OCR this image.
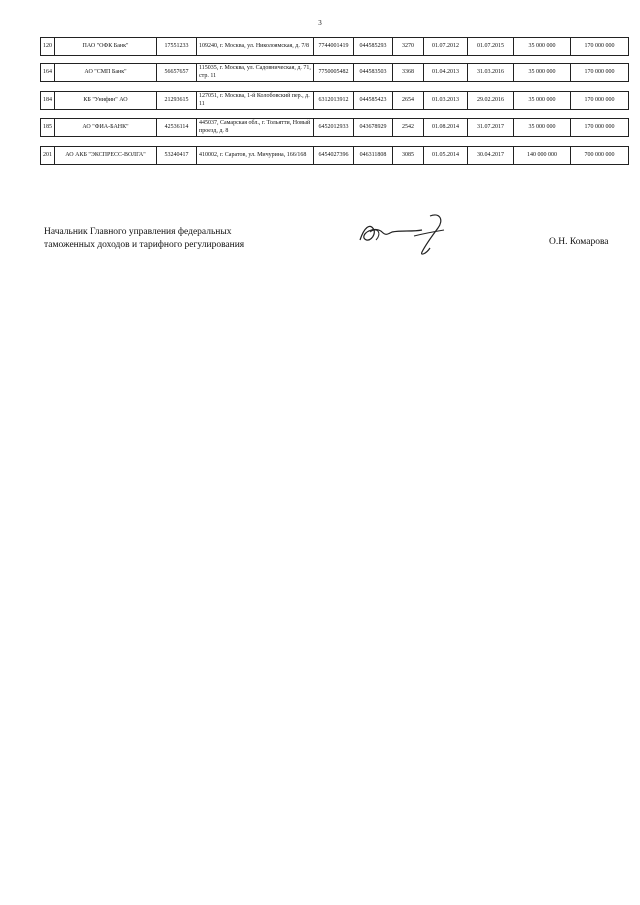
3
120	ПАО "ОФК Банк"	17551233	109240, г. Москва, ул. Николоямская, д. 7/8	7744001419	044585293	3270	01.07.2012	01.07.2015	35 000 000	170 000 000
164	АО "СМП Банк"	56657657	115035, г. Москва, ул. Садовническая, д. 71, стр. 11	7750005482	044583503	3368	01.04.2013	31.03.2016	35 000 000	170 000 000
184	КБ "Унифин" АО	21293615	127051, г. Москва, 1-й Колобовский пер., д. 11	6312013912	044585423	2654	01.03.2013	29.02.2016	35 000 000	170 000 000
185	АО "ФИА-БАНК"	42536114	445037, Самарская обл., г. Тольятти, Новый проезд, д. 8	6452012933	043678929	2542	01.08.2014	31.07.2017	35 000 000	170 000 000
201	АО АКБ "ЭКСПРЕСС-ВОЛГА"	53240417	410002, г. Саратов, ул. Мичурина, 166/168	6454027396	046311808	3085	01.05.2014	30.04.2017	140 000 000	700 000 000
Начальник Главного управления федеральных
таможенных доходов и тарифного регулирования	О.Н. Комарова
